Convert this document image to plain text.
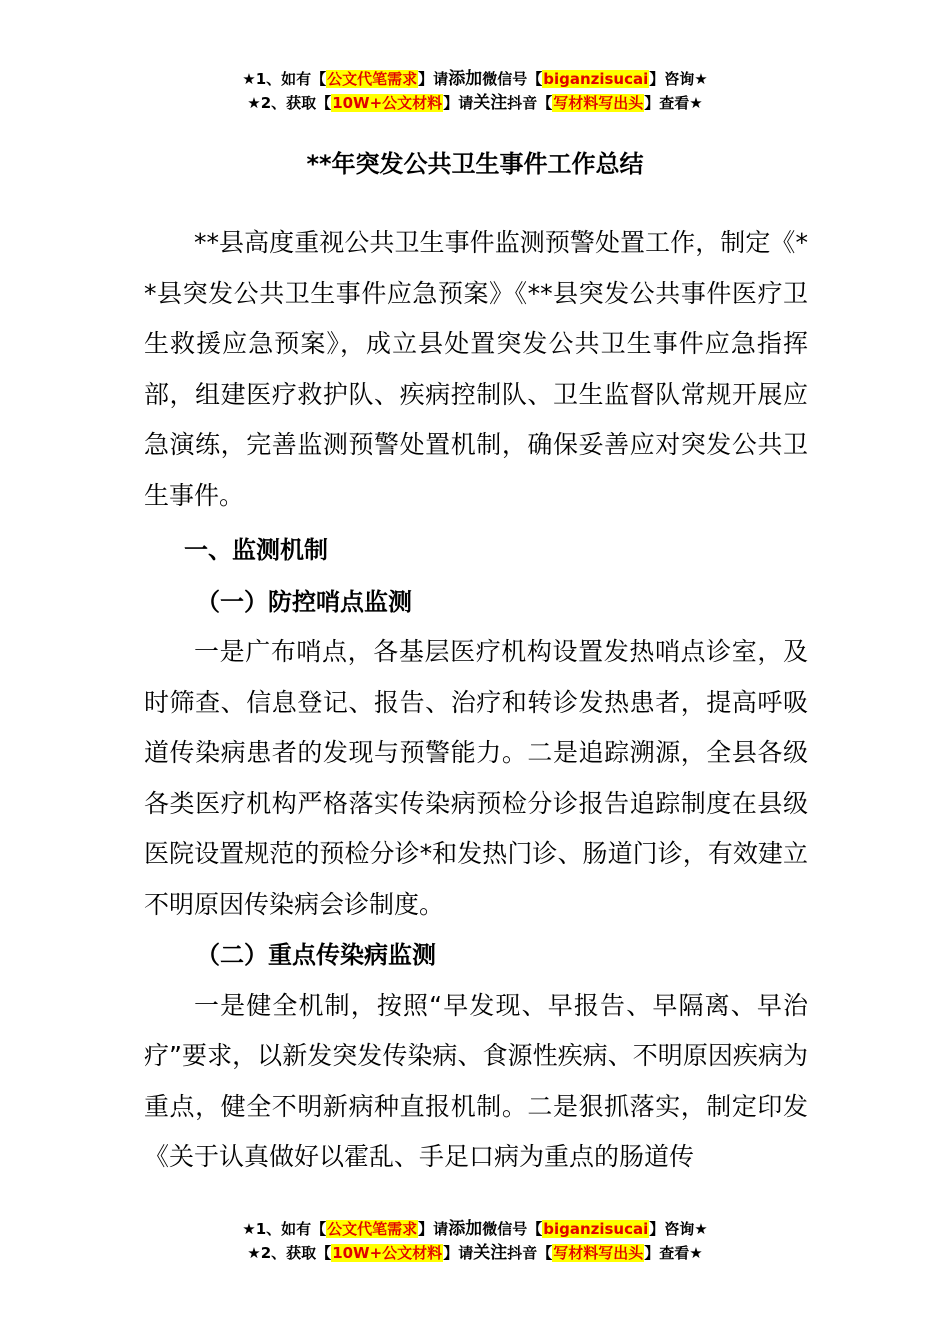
★1、如有【公文代笔需求】请添加微信号【biganzisucai】咨询★
★2、获取【10W+公文材料】请关注抖音【写材料写出头】查看★
**年突发公共卫生事件工作总结

**县高度重视公共卫生事件监测预警处置工作，制定《**县突发公共卫生事件应急预案》《**县突发公共事件医疗卫生救援应急预案》，成立县处置突发公共卫生事件应急指挥部，组建医疗救护队、疾病控制队、卫生监督队常规开展应急演练，完善监测预警处置机制，确保妥善应对突发公共卫生事件。

一、监测机制
（一）防控哨点监测

一是广布哨点，各基层医疗机构设置发热哨点诊室，及时筛查、信息登记、报告、治疗和转诊发热患者，提高呼吸道传染病患者的发现与预警能力。二是追踪溯源，全县各级各类医疗机构严格落实传染病预检分诊报告追踪制度在县级医院设置规范的预检分诊*和发热门诊、肠道门诊，有效建立不明原因传染病会诊制度。

（二）重点传染病监测

一是健全机制，按照“早发现、早报告、早隔离、早治疗”要求，以新发突发传染病、食源性疾病、不明原因疾病为重点，健全不明新病种直报机制。二是狠抓落实，制定印发《关于认真做好以霍乱、手足口病为重点的肠道传

★1、如有【公文代笔需求】请添加微信号【biganzisucai】咨询★
★2、获取【10W+公文材料】请关注抖音【写材料写出头】查看★
